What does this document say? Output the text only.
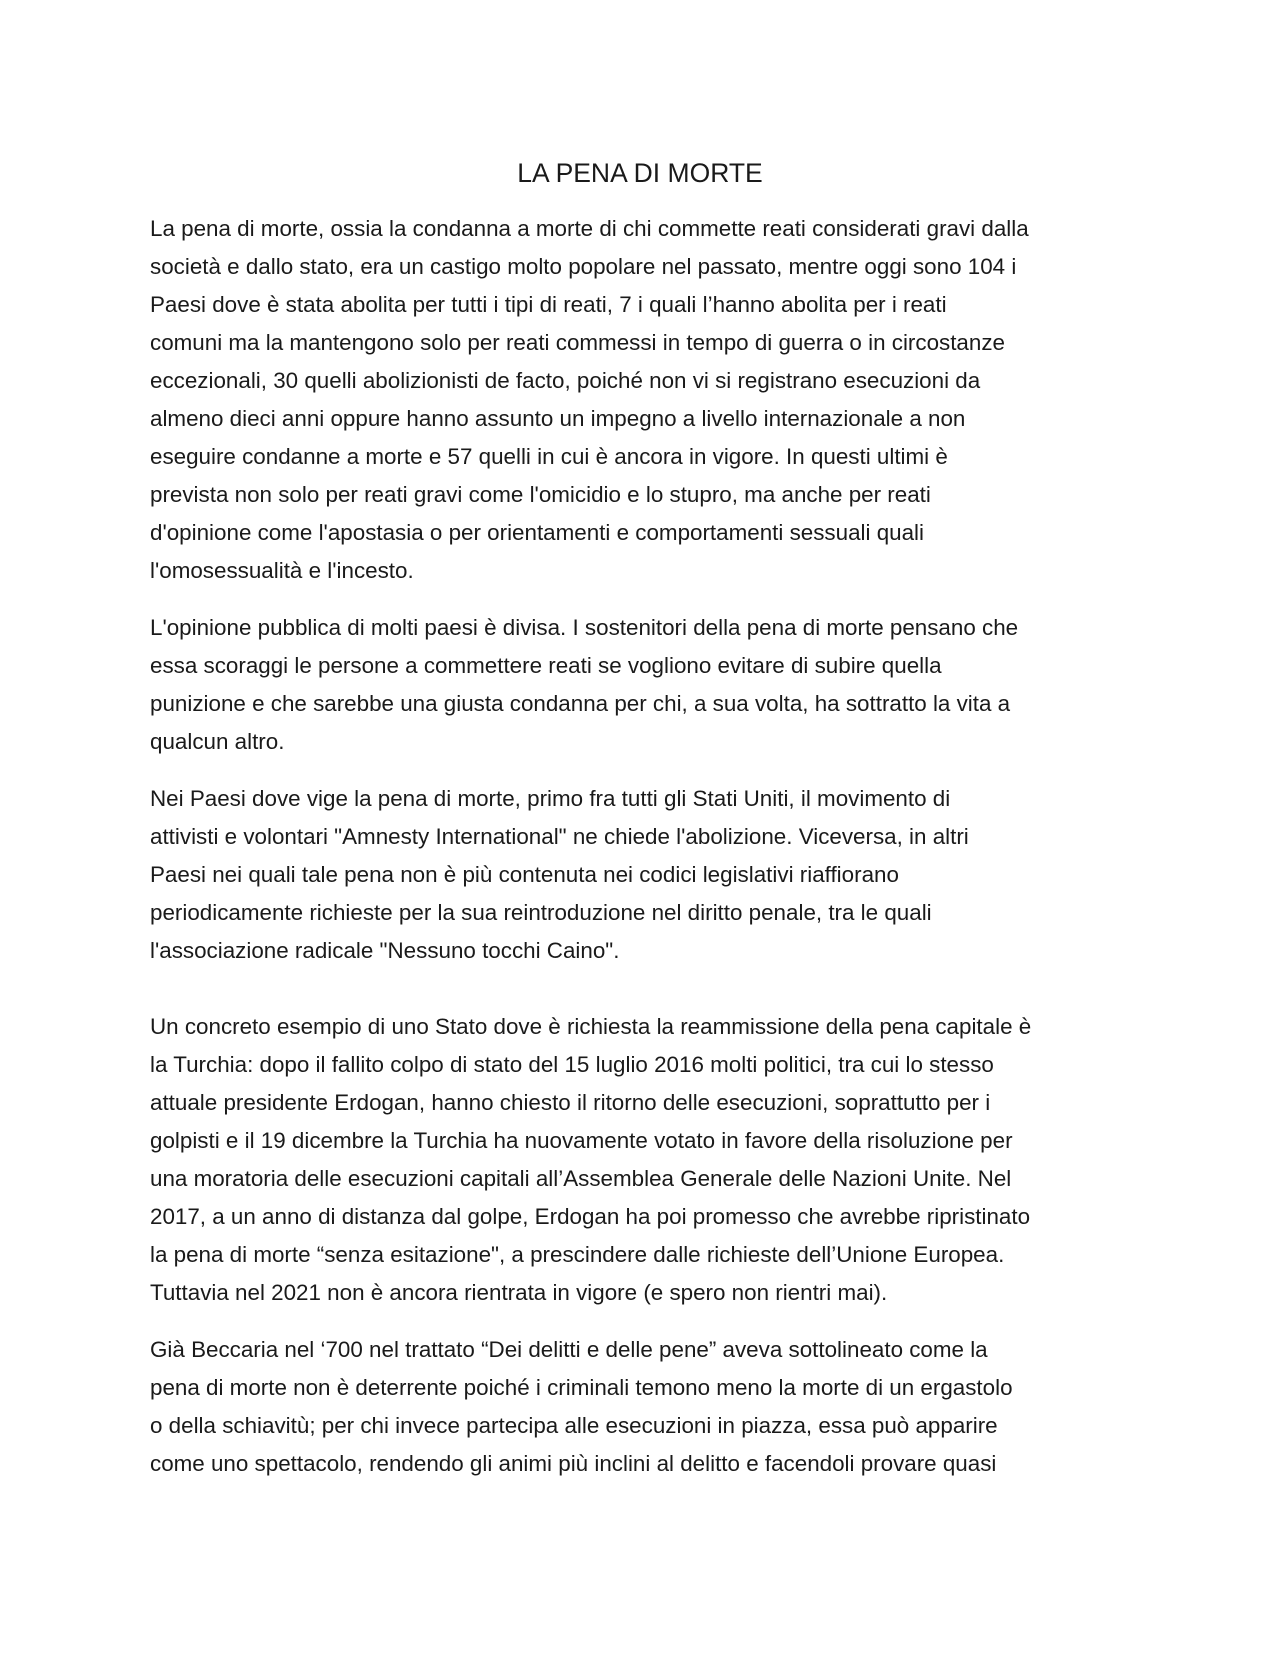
LA PENA DI MORTE

La pena di morte, ossia la condanna a morte di chi commette reati considerati gravi dalla
società e dallo stato, era un castigo molto popolare nel passato, mentre oggi sono 104 i
Paesi dove è stata abolita per tutti i tipi di reati, 7 i quali l’hanno abolita per i reati
comuni ma la mantengono solo per reati commessi in tempo di guerra o in circostanze
eccezionali, 30 quelli abolizionisti de facto, poiché non vi si registrano esecuzioni da
almeno dieci anni oppure hanno assunto un impegno a livello internazionale a non
eseguire condanne a morte e 57 quelli in cui è ancora in vigore. In questi ultimi è
prevista non solo per reati gravi come l'omicidio e lo stupro, ma anche per reati
d'opinione come l'apostasia o per orientamenti e comportamenti sessuali quali
l'omosessualità e l'incesto.

L'opinione pubblica di molti paesi è divisa. I sostenitori della pena di morte pensano che
essa scoraggi le persone a commettere reati se vogliono evitare di subire quella
punizione e che sarebbe una giusta condanna per chi, a sua volta, ha sottratto la vita a
qualcun altro.

Nei Paesi dove vige la pena di morte, primo fra tutti gli Stati Uniti, il movimento di
attivisti e volontari "Amnesty International" ne chiede l'abolizione. Viceversa, in altri
Paesi nei quali tale pena non è più contenuta nei codici legislativi riaffiorano
periodicamente richieste per la sua reintroduzione nel diritto penale, tra le quali
l'associazione radicale "Nessuno tocchi Caino".

Un concreto esempio di uno Stato dove è richiesta la reammissione della pena capitale è
la Turchia: dopo il fallito colpo di stato del 15 luglio 2016 molti politici, tra cui lo stesso
attuale presidente Erdogan, hanno chiesto il ritorno delle esecuzioni, soprattutto per i
golpisti e il 19 dicembre la Turchia ha nuovamente votato in favore della risoluzione per
una moratoria delle esecuzioni capitali all’Assemblea Generale delle Nazioni Unite. Nel
2017, a un anno di distanza dal golpe, Erdogan ha poi promesso che avrebbe ripristinato
la pena di morte “senza esitazione", a prescindere dalle richieste dell’Unione Europea.
Tuttavia nel 2021 non è ancora rientrata in vigore (e spero non rientri mai).

Già Beccaria nel ‘700 nel trattato “Dei delitti e delle pene” aveva sottolineato come la
pena di morte non è deterrente poiché i criminali temono meno la morte di un ergastolo
o della schiavitù; per chi invece partecipa alle esecuzioni in piazza, essa può apparire
come uno spettacolo, rendendo gli animi più inclini al delitto e facendoli provare quasi
